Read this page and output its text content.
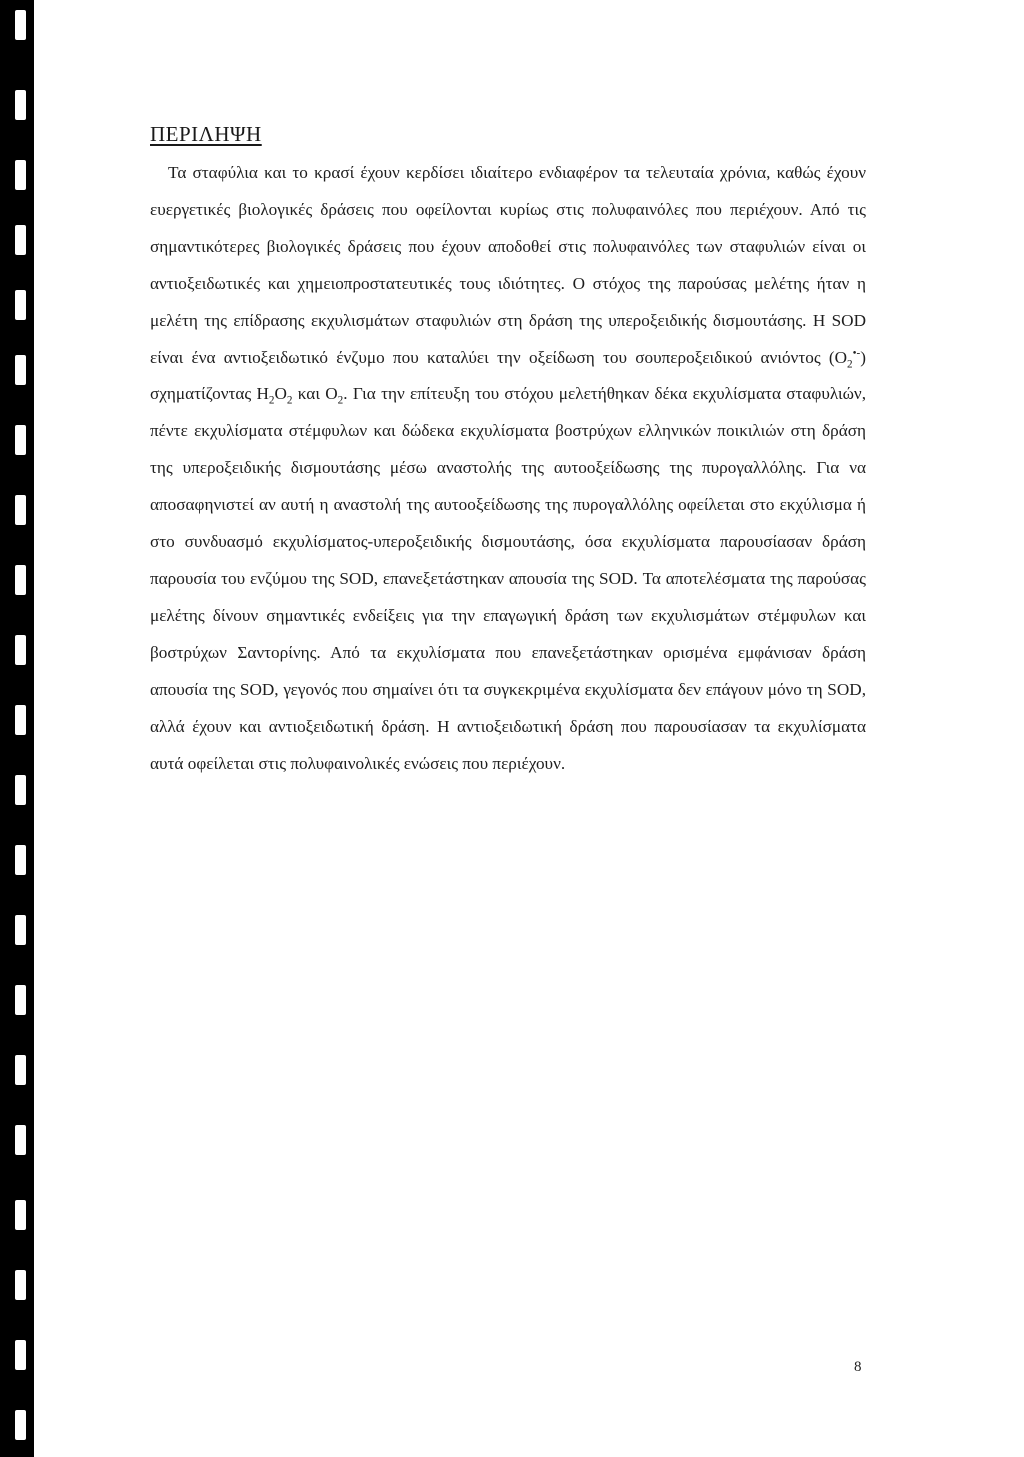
ΠΕΡΙΛΗΨΗ

Τα σταφύλια και το κρασί έχουν κερδίσει ιδιαίτερο ενδιαφέρον τα τελευταία χρόνια, καθώς έχουν ευεργετικές βιολογικές δράσεις που οφείλονται κυρίως στις πολυφαινόλες που περιέχουν. Από τις σημαντικότερες βιολογικές δράσεις που έχουν αποδοθεί στις πολυφαινόλες των σταφυλιών είναι οι αντιοξειδωτικές και χημειοπροστατευτικές τους ιδιότητες. Ο στόχος της παρούσας μελέτης ήταν η μελέτη της επίδρασης εκχυλισμάτων σταφυλιών στη δράση της υπεροξειδικής δισμουτάσης. Η SOD είναι ένα αντιοξειδωτικό ένζυμο που καταλύει την οξείδωση του σουπεροξειδικού ανιόντος $(O_2^{•-})$ σχηματίζοντας $H_2O_2$ και $O_2$. Για την επίτευξη του στόχου μελετήθηκαν δέκα εκχυλίσματα σταφυλιών, πέντε εκχυλίσματα στέμφυλων και δώδεκα εκχυλίσματα βοστρύχων ελληνικών ποικιλιών στη δράση της υπεροξειδικής δισμουτάσης μέσω αναστολής της αυτοοξείδωσης της πυρογαλλόλης. Για να αποσαφηνιστεί αν αυτή η αναστολή της αυτοοξείδωσης της πυρογαλλόλης οφείλεται στο εκχύλισμα ή στο συνδυασμό εκχυλίσματος-υπεροξειδικής δισμουτάσης, όσα εκχυλίσματα παρουσίασαν δράση παρουσία του ενζύμου της SOD, επανεξετάστηκαν απουσία της SOD. Τα αποτελέσματα της παρούσας μελέτης δίνουν σημαντικές ενδείξεις για την επαγωγική δράση των εκχυλισμάτων στέμφυλων και βοστρύχων Σαντορίνης. Από τα εκχυλίσματα που επανεξετάστηκαν ορισμένα εμφάνισαν δράση απουσία της SOD, γεγονός που σημαίνει ότι τα συγκεκριμένα εκχυλίσματα δεν επάγουν μόνο τη SOD, αλλά έχουν και αντιοξειδωτική δράση. Η αντιοξειδωτική δράση που παρουσίασαν τα εκχυλίσματα αυτά οφείλεται στις πολυφαινολικές ενώσεις που περιέχουν.

8
